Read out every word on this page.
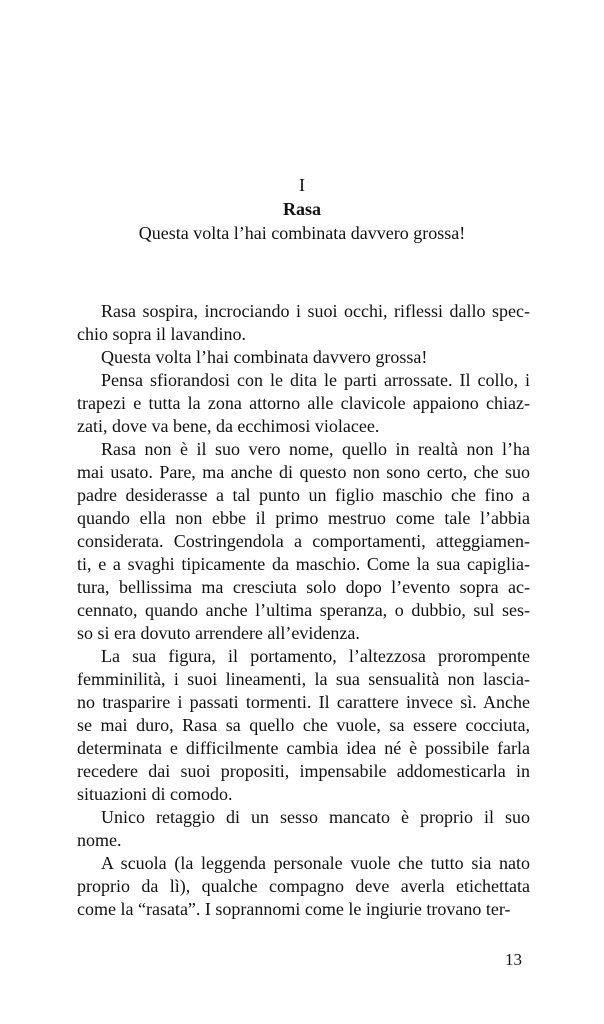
I
Rasa
Questa volta l’hai combinata davvero grossa!
Rasa sospira, incrociando i suoi occhi, riflessi dallo spec-
chio sopra il lavandino.
Questa volta l’hai combinata davvero grossa!
Pensa sfiorandosi con le dita le parti arrossate. Il collo, i
trapezi e tutta la zona attorno alle clavicole appaiono chiaz-
zati, dove va bene, da ecchimosi violacee.
Rasa non è il suo vero nome, quello in realtà non l’ha
mai usato. Pare, ma anche di questo non sono certo, che suo
padre desiderasse a tal punto un figlio maschio che fino a
quando ella non ebbe il primo mestruo come tale l’abbia
considerata. Costringendola a comportamenti, atteggiamen-
ti, e a svaghi tipicamente da maschio. Come la sua capiglia-
tura, bellissima ma cresciuta solo dopo l’evento sopra ac-
cennato, quando anche l’ultima speranza, o dubbio, sul ses-
so si era dovuto arrendere all’evidenza.
La sua figura, il portamento, l’altezzosa prorompente
femminilità, i suoi lineamenti, la sua sensualità non lascia-
no trasparire i passati tormenti. Il carattere invece sì. Anche
se mai duro, Rasa sa quello che vuole, sa essere cocciuta,
determinata e difficilmente cambia idea né è possibile farla
recedere dai suoi propositi, impensabile addomesticarla in
situazioni di comodo.
Unico retaggio di un sesso mancato è proprio il suo
nome.
A scuola (la leggenda personale vuole che tutto sia nato
proprio da lì), qualche compagno deve averla etichettata
come la “rasata”. I soprannomi come le ingiurie trovano ter-
13
